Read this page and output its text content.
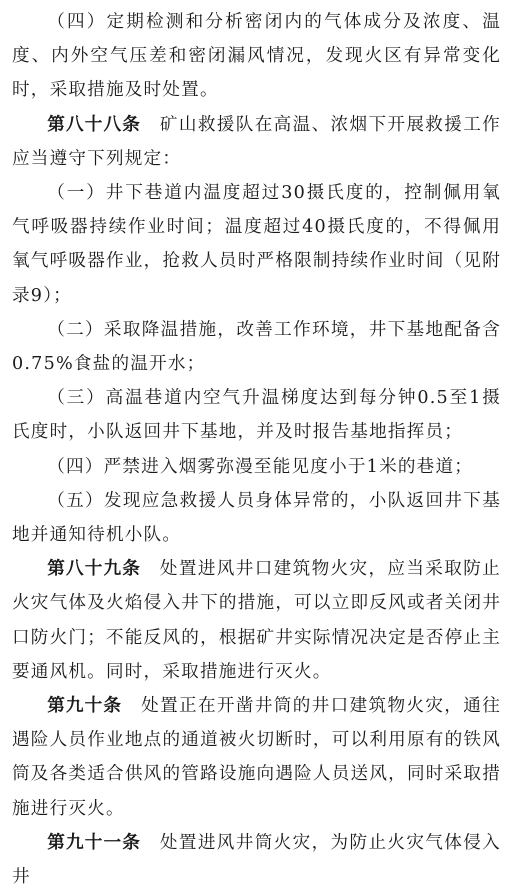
（四）定期检测和分析密闭内的气体成分及浓度、温度、内外空气压差和密闭漏风情况，发现火区有异常变化时，采取措施及时处置。

第八十八条　矿山救援队在高温、浓烟下开展救援工作应当遵守下列规定：

（一）井下巷道内温度超过30摄氏度的，控制佩用氧气呼吸器持续作业时间；温度超过40摄氏度的，不得佩用氧气呼吸器作业，抢救人员时严格限制持续作业时间（见附录9）；

（二）采取降温措施，改善工作环境，井下基地配备含0.75%食盐的温开水；

（三）高温巷道内空气升温梯度达到每分钟0.5至1摄氏度时，小队返回井下基地，并及时报告基地指挥员；

（四）严禁进入烟雾弥漫至能见度小于1米的巷道；

（五）发现应急救援人员身体异常的，小队返回井下基地并通知待机小队。

第八十九条　处置进风井口建筑物火灾，应当采取防止火灾气体及火焰侵入井下的措施，可以立即反风或者关闭井口防火门；不能反风的，根据矿井实际情况决定是否停止主要通风机。同时，采取措施进行灭火。

第九十条　处置正在开凿井筒的井口建筑物火灾，通往遇险人员作业地点的通道被火切断时，可以利用原有的铁风筒及各类适合供风的管路设施向遇险人员送风，同时采取措施进行灭火。

第九十一条　处置进风井筒火灾，为防止火灾气体侵入井
